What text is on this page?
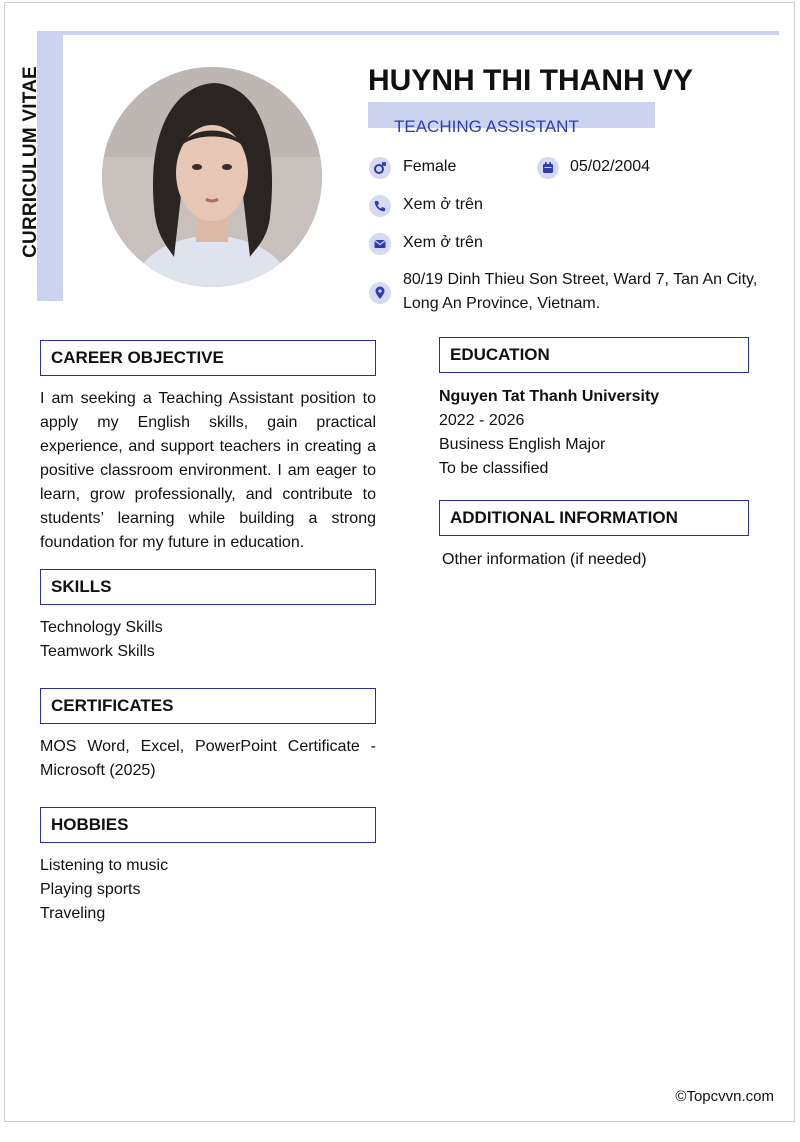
CURRICULUM VITAE	HUYNH THI THANH VY
TEACHING ASSISTANT
Female	05/02/2004
Xem ở trên
Xem ở trên
80/19 Dinh Thieu Son Street, Ward 7, Tan An City, Long An Province, Vietnam.
CAREER OBJECTIVE
I am seeking a Teaching Assistant position to apply my English skills, gain practical experience, and support teachers in creating a positive classroom environment. I am eager to learn, grow professionally, and contribute to students’ learning while building a strong foundation for my future in education.
SKILLS
Technology Skills
Teamwork Skills
CERTIFICATES
MOS Word, Excel, PowerPoint Certificate - Microsoft (2025)
HOBBIES
Listening to music
Playing sports
Traveling
EDUCATION
Nguyen Tat Thanh University
2022 - 2026
Business English Major
To be classified
ADDITIONAL INFORMATION
Other information (if needed)
©Topcvvn.com
